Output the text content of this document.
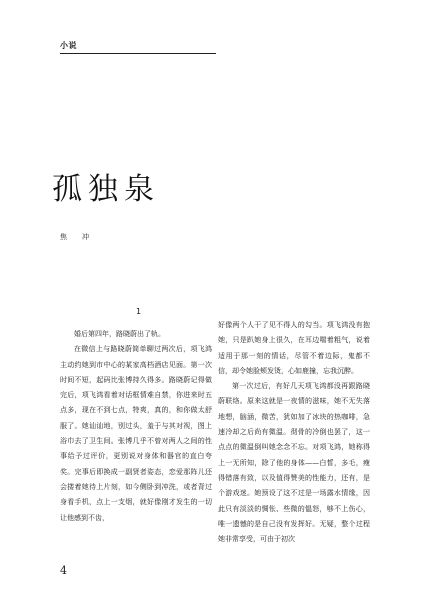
小说
孤独泉
焦　冲
1

婚后第四年，路晓蔚出了轨。

在微信上与路晓蔚简单聊过两次后，项飞鸿主动约她到市中心的某家高档酒店见面。第一次时间不短，起码比张博持久得多。路晓蔚记得做完后，项飞鸿看着对话框情难自禁，你进来时五点多，现在不到七点，特爽，真的，和你做太舒服了。她讪讪地，别过头，羞于与其对视，图上浴巾去了卫生间。张博几乎不曾对两人之间的性事给予过评价，更别说对身体和器官的直白夸奖。完事后即换成一副贤者姿态，恋爱那阵儿还会搂着她待上片刻，如今侧卧到冲洗，或者背过身看手机，点上一支烟，就好像刚才发生的一切让他感到不齿，

好像两个人干了见不得人的勾当。项飞鸿没有抱她，只是趴她身上很久，在耳边喘着粗气，说着适用于那一刻的情话，尽管不着边际，鬼都不信，却令她脸颊发烫，心如鹿撞，忘我沉醉。

第一次过后，有好几天项飞鸿都没再跟路晓蔚联络。原来这就是一夜情的滋味，她不无失落地想，脑涵，微苦，犹如加了冰块的热咖啡，急速冷却之后尚有微温。彻骨的冷倒也罢了，这一点点的微温倒叫她念念不忘。对项飞鸿，她称得上一无所知，除了他的身体——白皙，多毛，瘦得错落有致，以及值得赞美的性能力，还有，是个游戏迷。她预设了这不过是一场露水情缘，因此只有淡淡的惆怅、些微的愠怒，够不上伤心，唯一遗憾的是自己没有发挥好。无疑，整个过程她非常享受，可由于初次

4
